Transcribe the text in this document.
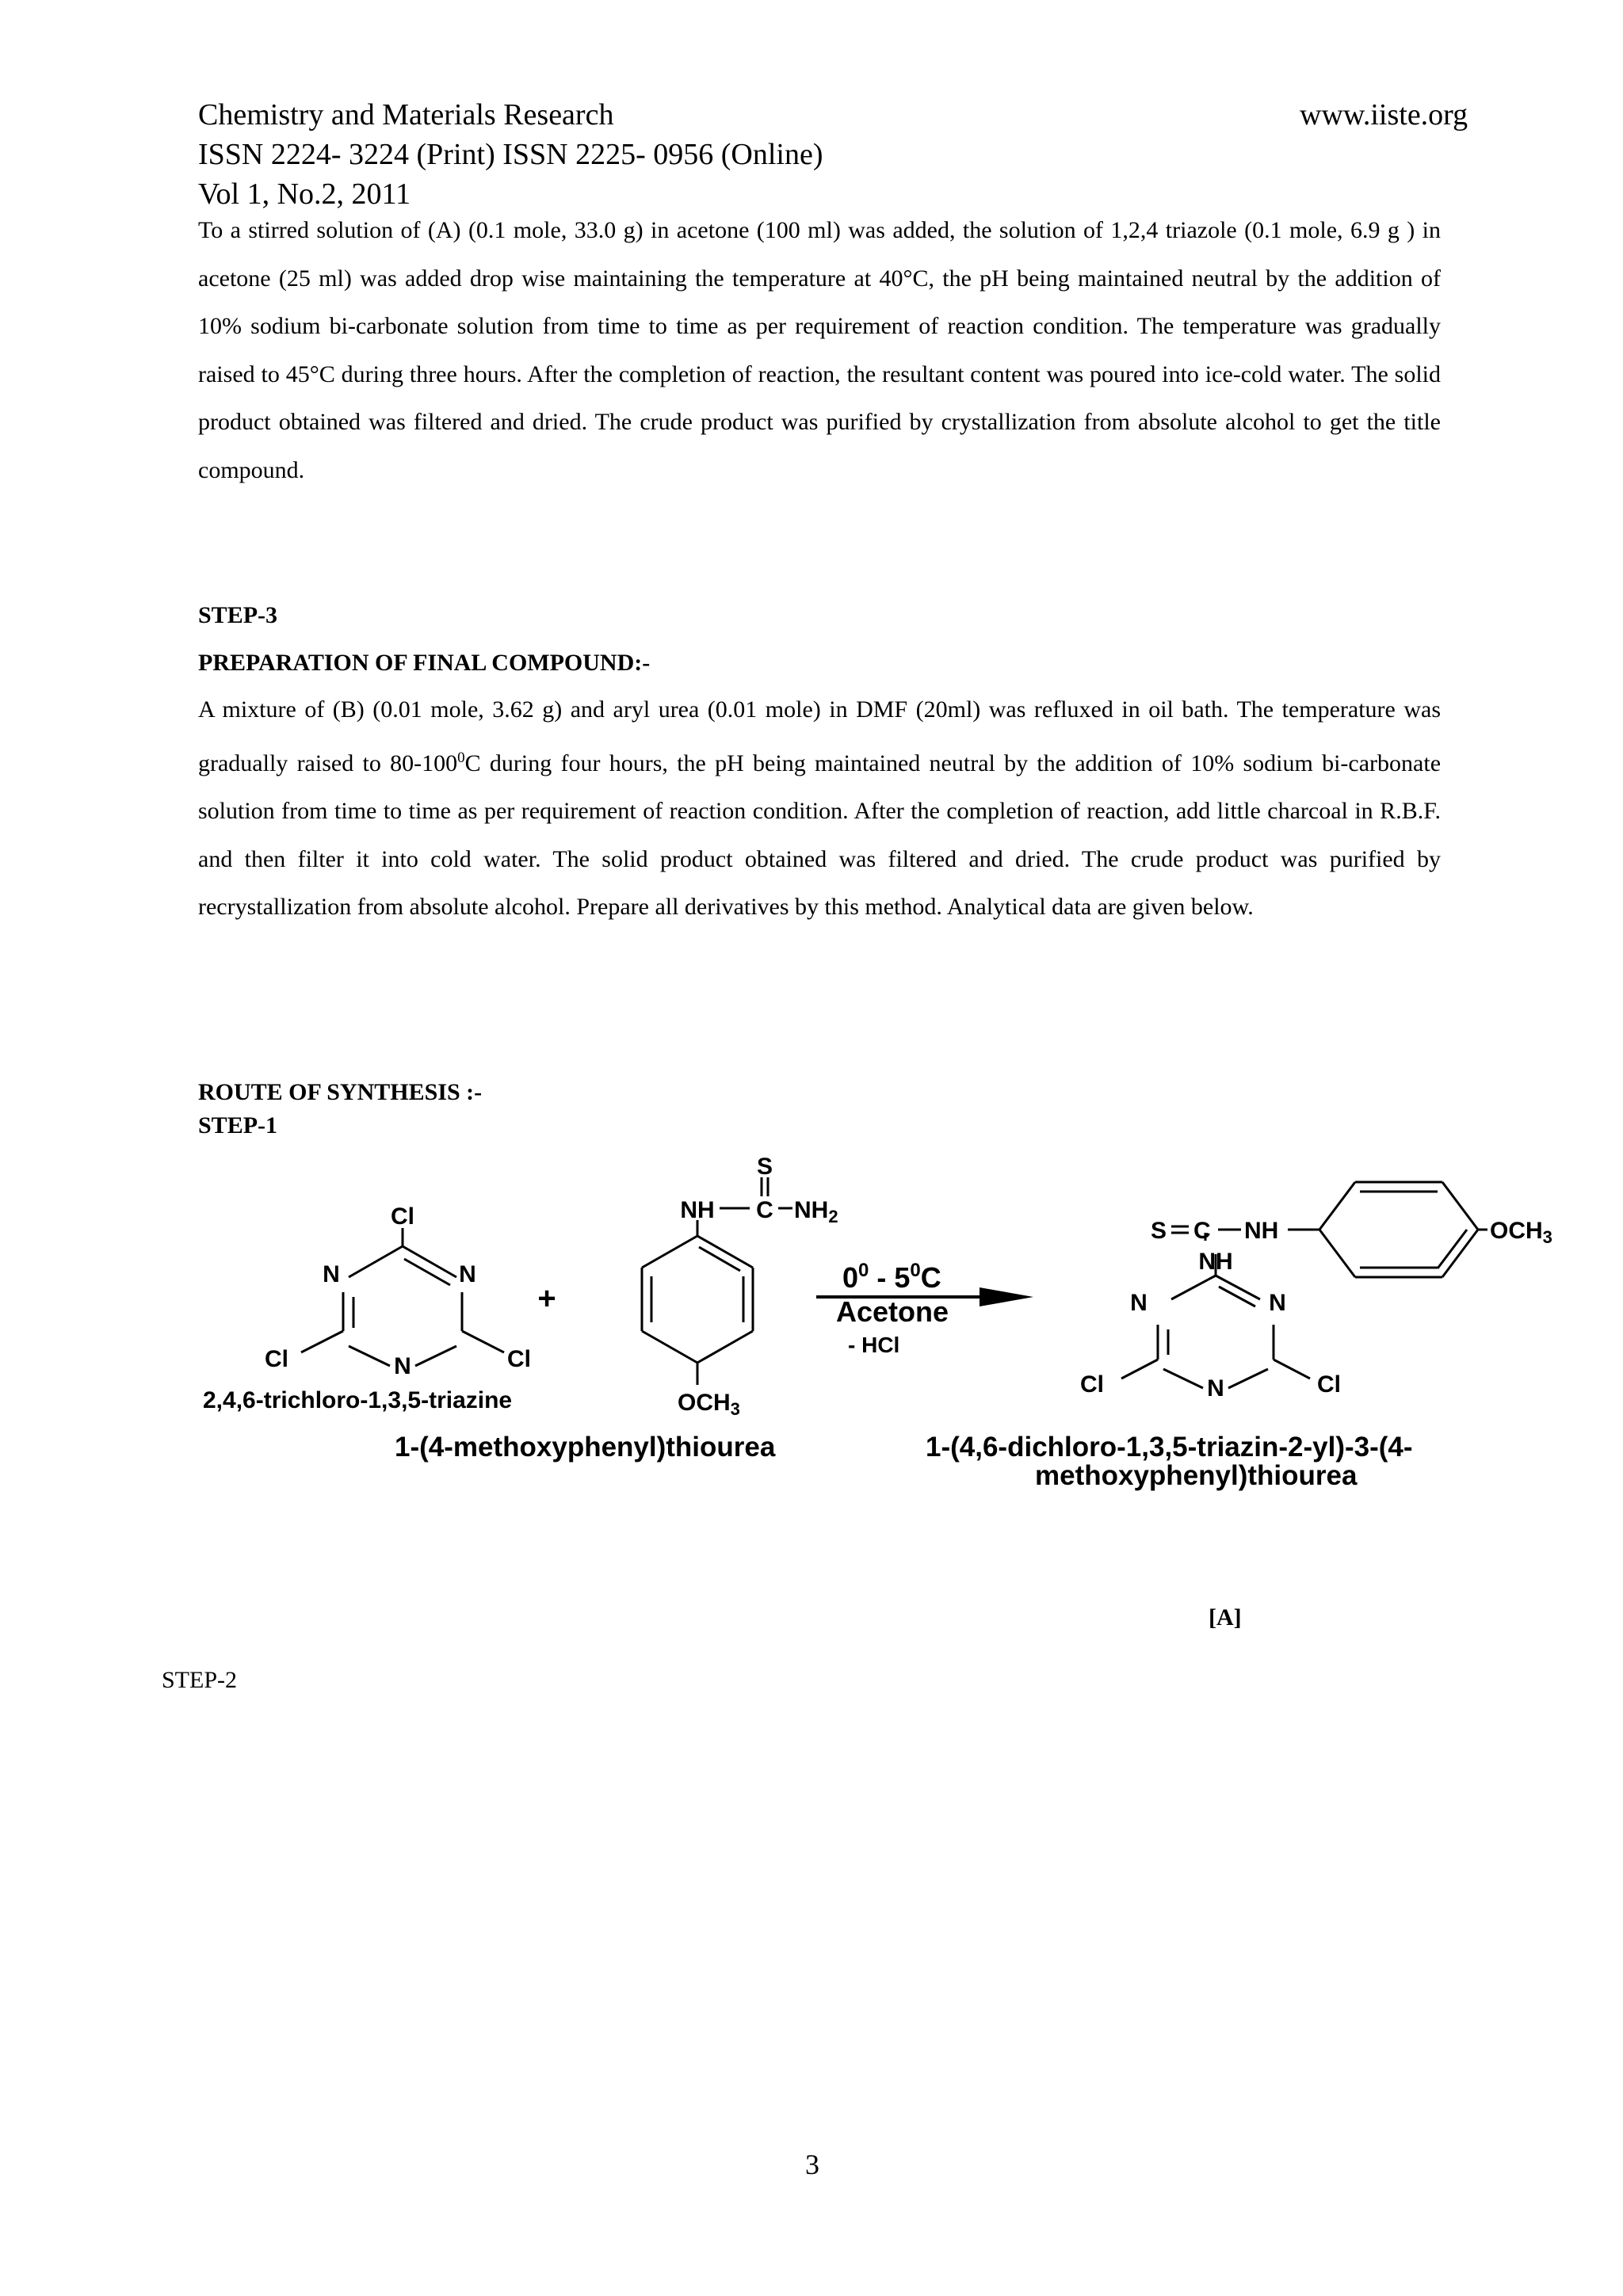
Chemistry and Materials Research	www.iiste.org
ISSN 2224- 3224 (Print) ISSN 2225- 0956 (Online)
Vol 1, No.2, 2011
To a stirred solution of (A) (0.1 mole, 33.0 g) in acetone (100 ml) was added, the solution of 1,2,4 triazole (0.1 mole, 6.9 g ) in acetone (25 ml) was added drop wise maintaining the temperature at 40°C, the pH being maintained neutral by the addition of 10% sodium bi-carbonate solution from time to time as per requirement of reaction condition. The temperature was gradually raised to 45°C during three hours. After the completion of reaction, the resultant content was poured into ice-cold water. The solid product obtained was filtered and dried. The crude product was purified by crystallization from absolute alcohol to get the title compound.
STEP-3
PREPARATION OF FINAL COMPOUND:-
A mixture of (B) (0.01 mole, 3.62 g) and aryl urea (0.01 mole) in DMF (20ml) was refluxed in oil bath. The temperature was gradually raised to $80-100^0C$ during four hours, the pH being maintained neutral by the addition of 10% sodium bi-carbonate solution from time to time as per requirement of reaction condition. After the completion of reaction, add little charcoal in R.B.F. and then filter it into cold water. The solid product obtained was filtered and dried. The crude product was purified by recrystallization from absolute alcohol. Prepare all derivatives by this method. Analytical data are given below.
ROUTE OF SYNTHESIS :-
STEP-1
Cl
N	N
N
Cl	Cl
+
S
NH C $NH_2$
$OCH_3$
$0^0 - 5^0C$
Acetone
- HCl
S C NH
NH
$OCH_3$
N	N
N
Cl	Cl
2,4,6-trichloro-1,3,5-triazine
1-(4-methoxyphenyl)thiourea	1-(4,6-dichloro-1,3,5-triazin-2-yl)-3-(4-
methoxyphenyl)thiourea
[A]
STEP-2
3
